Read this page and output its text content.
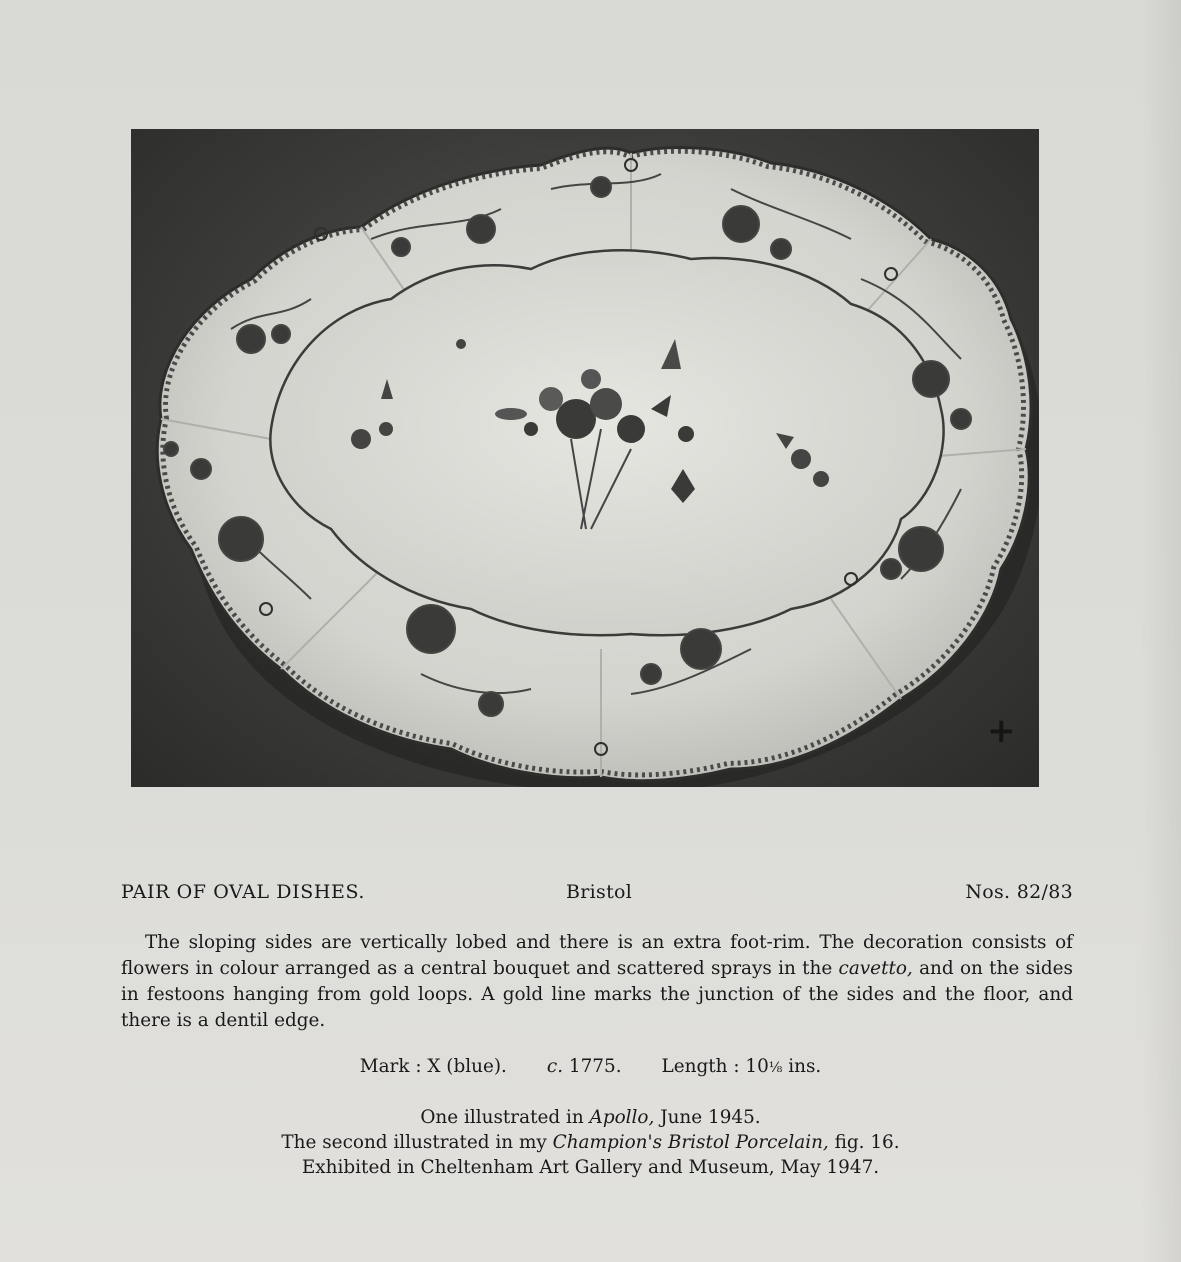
+
PAIR OF OVAL DISHES.	Bristol	Nos. 82/83

The sloping sides are vertically lobed and there is an extra foot-rim. The decoration consists of flowers in colour arranged as a central bouquet and scattered sprays in the cavetto, and on the sides in festoons hanging from gold loops. A gold line marks the junction of the sides and the floor, and there is a dentil edge.

Mark : X (blue). c. 1775. Length : 10⅛ ins.
One illustrated in Apollo, June 1945.
The second illustrated in my Champion's Bristol Porcelain, fig. 16.
Exhibited in Cheltenham Art Gallery and Museum, May 1947.
